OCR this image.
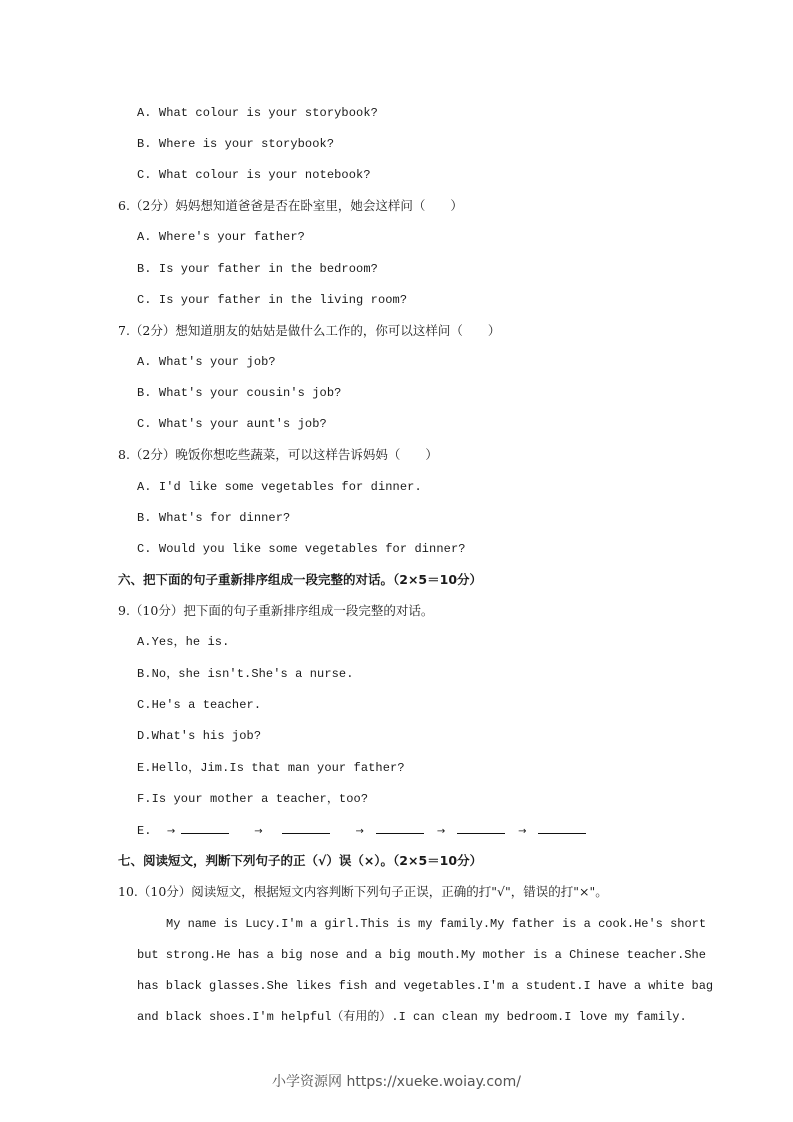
A. What colour is your storybook?
B. Where is your storybook?
C. What colour is your notebook?
6.（2分）妈妈想知道爸爸是否在卧室里，她会这样问（　　）
A. Where's your father?
B. Is your father in the bedroom?
C. Is your father in the living room?
7.（2分）想知道朋友的姑姑是做什么工作的，你可以这样问（　　）
A. What's your job?
B. What's your cousin's job?
C. What's your aunt's job?
8.（2分）晚饭你想吃些蔬菜，可以这样告诉妈妈（　　）
A. I'd like some vegetables for dinner.
B. What's for dinner?
C. Would you like some vegetables for dinner?
六、把下面的句子重新排序组成一段完整的对话。（2×5＝10分）
9.（10分）把下面的句子重新排序组成一段完整的对话。
A.Yes，he is.
B.No，she isn't.She's a nurse.
C.He's a teacher.
D.What's his job?
E.Hello，Jim.Is that man your father?
F.Is your mother a teacher，too?
E. →	→	→	→	→
七、阅读短文，判断下列句子的正（√）误（×）。（2×5＝10分）
10.（10分）阅读短文，根据短文内容判断下列句子正误，正确的打"√"，错误的打"×"。
My name is Lucy.I'm a girl.This is my family.My father is a cook.He's short
but strong.He has a big nose and a big mouth.My mother is a Chinese teacher.She
has black glasses.She likes fish and vegetables.I'm a student.I have a white bag
and black shoes.I'm helpful（有用的）.I can clean my bedroom.I love my family.
小学资源网 https://xueke.woiay.com/
